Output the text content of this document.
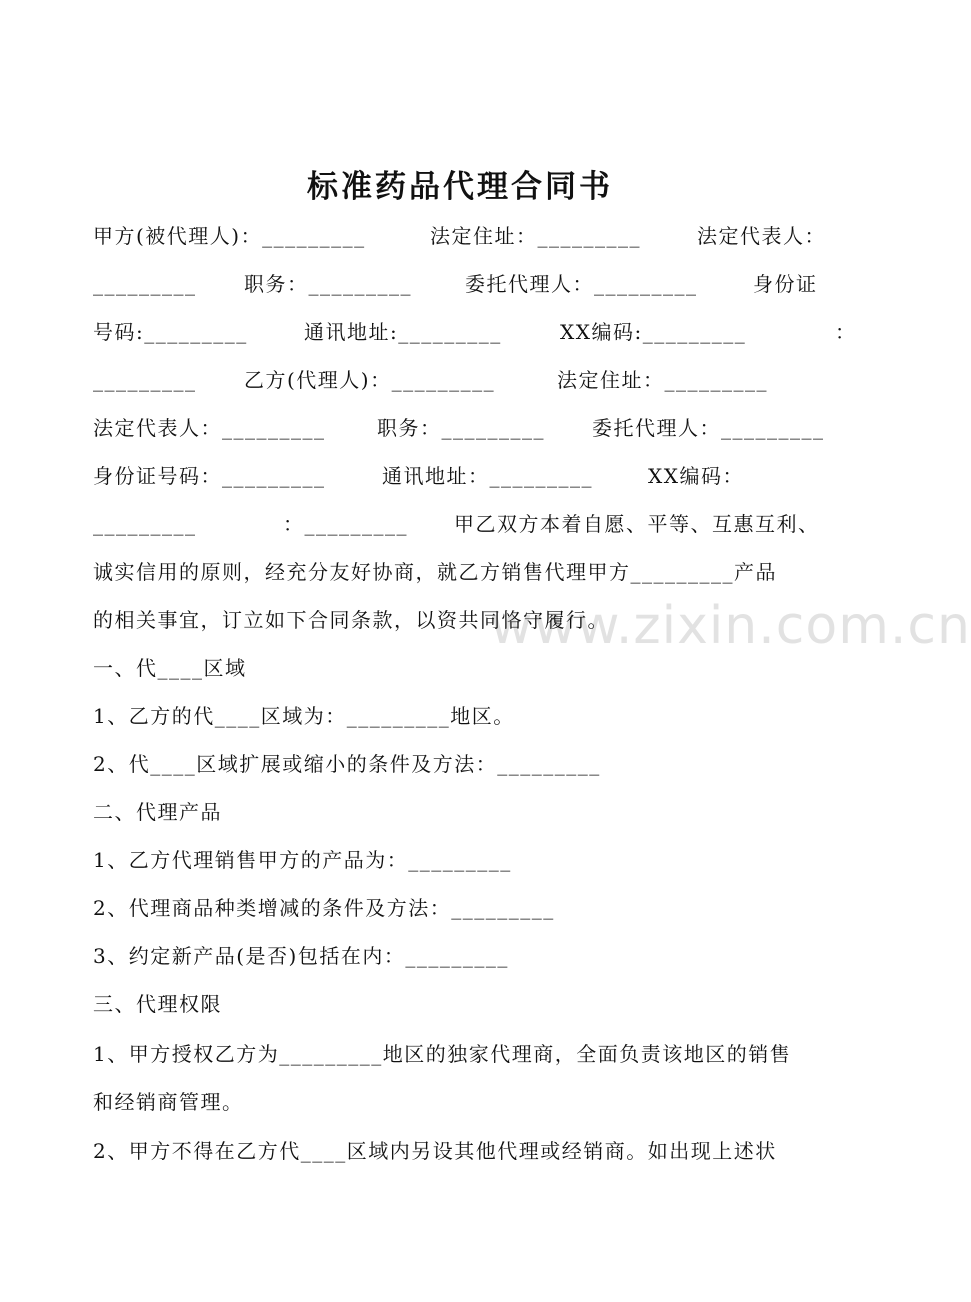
标准药品代理合同书
www.zixin.com.cn
甲方(被代理人)：_________	法定住址：_________	法定代表人：
_________ 职务：_________	委托代理人：_________	身份证
号码:_________	通讯地址:_________	XX编码:_________	：
_________ 乙方(代理人)：_________	法定住址：_________
法定代表人：_________	职务：_________ 委托代理人：_________
身份证号码：_________	通讯地址：_________	XX编码：
_________	：_________ 甲乙双方本着自愿、平等、互惠互利、
诚实信用的原则，经充分友好协商，就乙方销售代理甲方_________产品
的相关事宜，订立如下合同条款，以资共同恪守履行。
一、代____区域
1、乙方的代____区域为：_________地区。
2、代____区域扩展或缩小的条件及方法：_________
二、代理产品
1、乙方代理销售甲方的产品为：_________
2、代理商品种类增减的条件及方法：_________
3、约定新产品(是否)包括在内：_________
三、代理权限
1、甲方授权乙方为_________地区的独家代理商，全面负责该地区的销售
和经销商管理。
2、甲方不得在乙方代____区域内另设其他代理或经销商。如出现上述状
